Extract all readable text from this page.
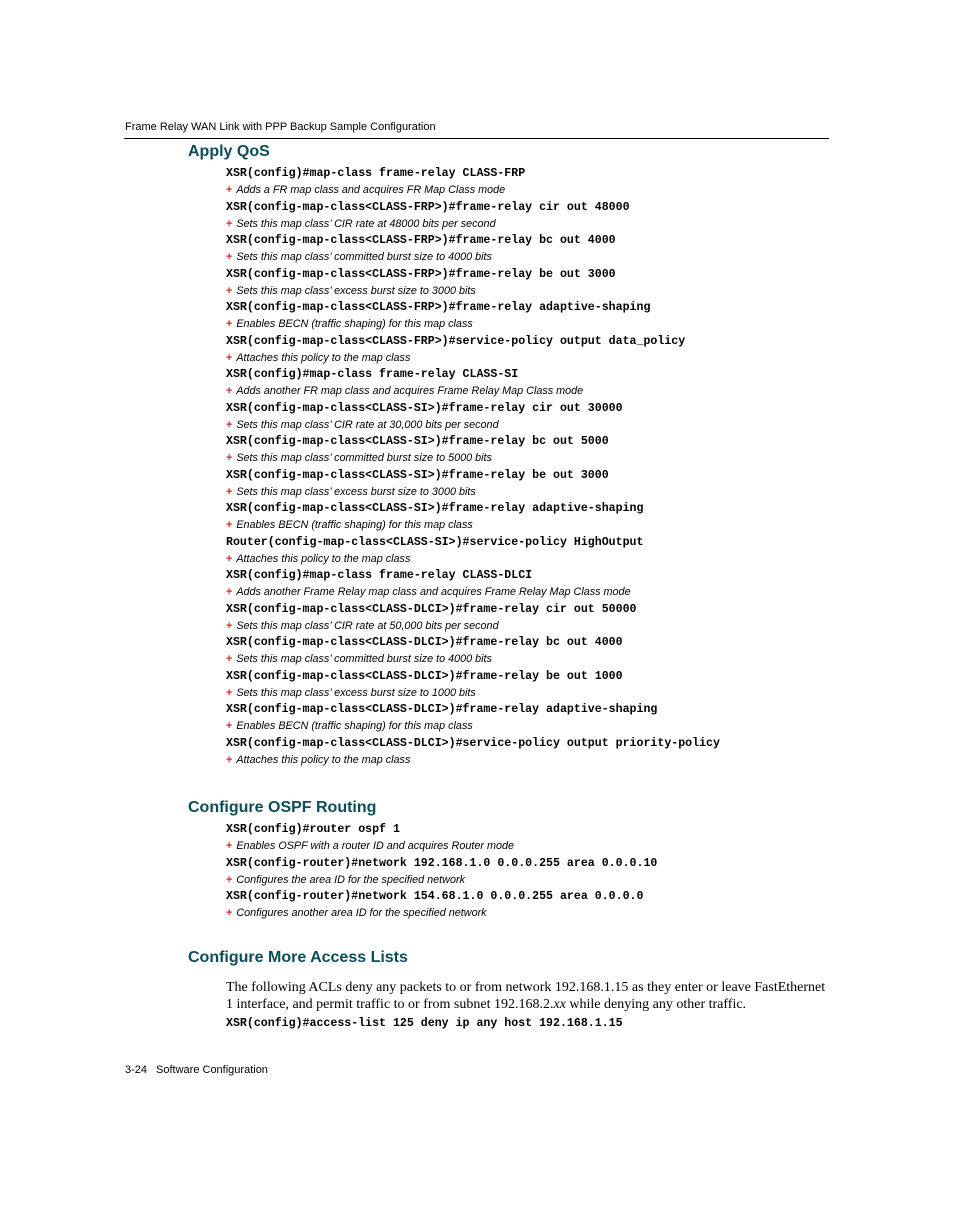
Frame Relay WAN Link with PPP Backup Sample Configuration
Apply QoS
XSR(config)#map-class frame-relay CLASS-FRP
+ Adds a FR map class and acquires FR Map Class mode
XSR(config-map-class<CLASS-FRP>)#frame-relay cir out 48000
+ Sets this map class’ CIR rate at 48000 bits per second
XSR(config-map-class<CLASS-FRP>)#frame-relay bc out 4000
+ Sets this map class’ committed burst size to 4000 bits
XSR(config-map-class<CLASS-FRP>)#frame-relay be out 3000
+ Sets this map class’ excess burst size to 3000 bits
XSR(config-map-class<CLASS-FRP>)#frame-relay adaptive-shaping
+ Enables BECN (traffic shaping) for this map class
XSR(config-map-class<CLASS-FRP>)#service-policy output data_policy
+ Attaches this policy to the map class
XSR(config)#map-class frame-relay CLASS-SI
+ Adds another FR map class and acquires Frame Relay Map Class mode
XSR(config-map-class<CLASS-SI>)#frame-relay cir out 30000
+ Sets this map class’ CIR rate at 30,000 bits per second
XSR(config-map-class<CLASS-SI>)#frame-relay bc out 5000
+ Sets this map class’ committed burst size to 5000 bits
XSR(config-map-class<CLASS-SI>)#frame-relay be out 3000
+ Sets this map class’ excess burst size to 3000 bits
XSR(config-map-class<CLASS-SI>)#frame-relay adaptive-shaping
+ Enables BECN (traffic shaping) for this map class
Router(config-map-class<CLASS-SI>)#service-policy HighOutput
+ Attaches this policy to the map class
XSR(config)#map-class frame-relay CLASS-DLCI
+ Adds another Frame Relay map class and acquires Frame Relay Map Class mode
XSR(config-map-class<CLASS-DLCI>)#frame-relay cir out 50000
+ Sets this map class’ CIR rate at 50,000 bits per second
XSR(config-map-class<CLASS-DLCI>)#frame-relay bc out 4000
+ Sets this map class’ committed burst size to 4000 bits
XSR(config-map-class<CLASS-DLCI>)#frame-relay be out 1000
+ Sets this map class’ excess burst size to 1000 bits
XSR(config-map-class<CLASS-DLCI>)#frame-relay adaptive-shaping
+ Enables BECN (traffic shaping) for this map class
XSR(config-map-class<CLASS-DLCI>)#service-policy output priority-policy
+ Attaches this policy to the map class
Configure OSPF Routing
XSR(config)#router ospf 1
+ Enables OSPF with a router ID and acquires Router mode
XSR(config-router)#network 192.168.1.0 0.0.0.255 area 0.0.0.10
+ Configures the area ID for the specified network
XSR(config-router)#network 154.68.1.0 0.0.0.255 area 0.0.0.0
+ Configures another area ID for the specified network
Configure More Access Lists

The following ACLs deny any packets to or from network 192.168.1.15 as they enter or leave FastEthernet 1 interface, and permit traffic to or from subnet 192.168.2.xx while denying any other traffic.

XSR(config)#access-list 125 deny ip any host 192.168.1.15
3-24 Software Configuration
